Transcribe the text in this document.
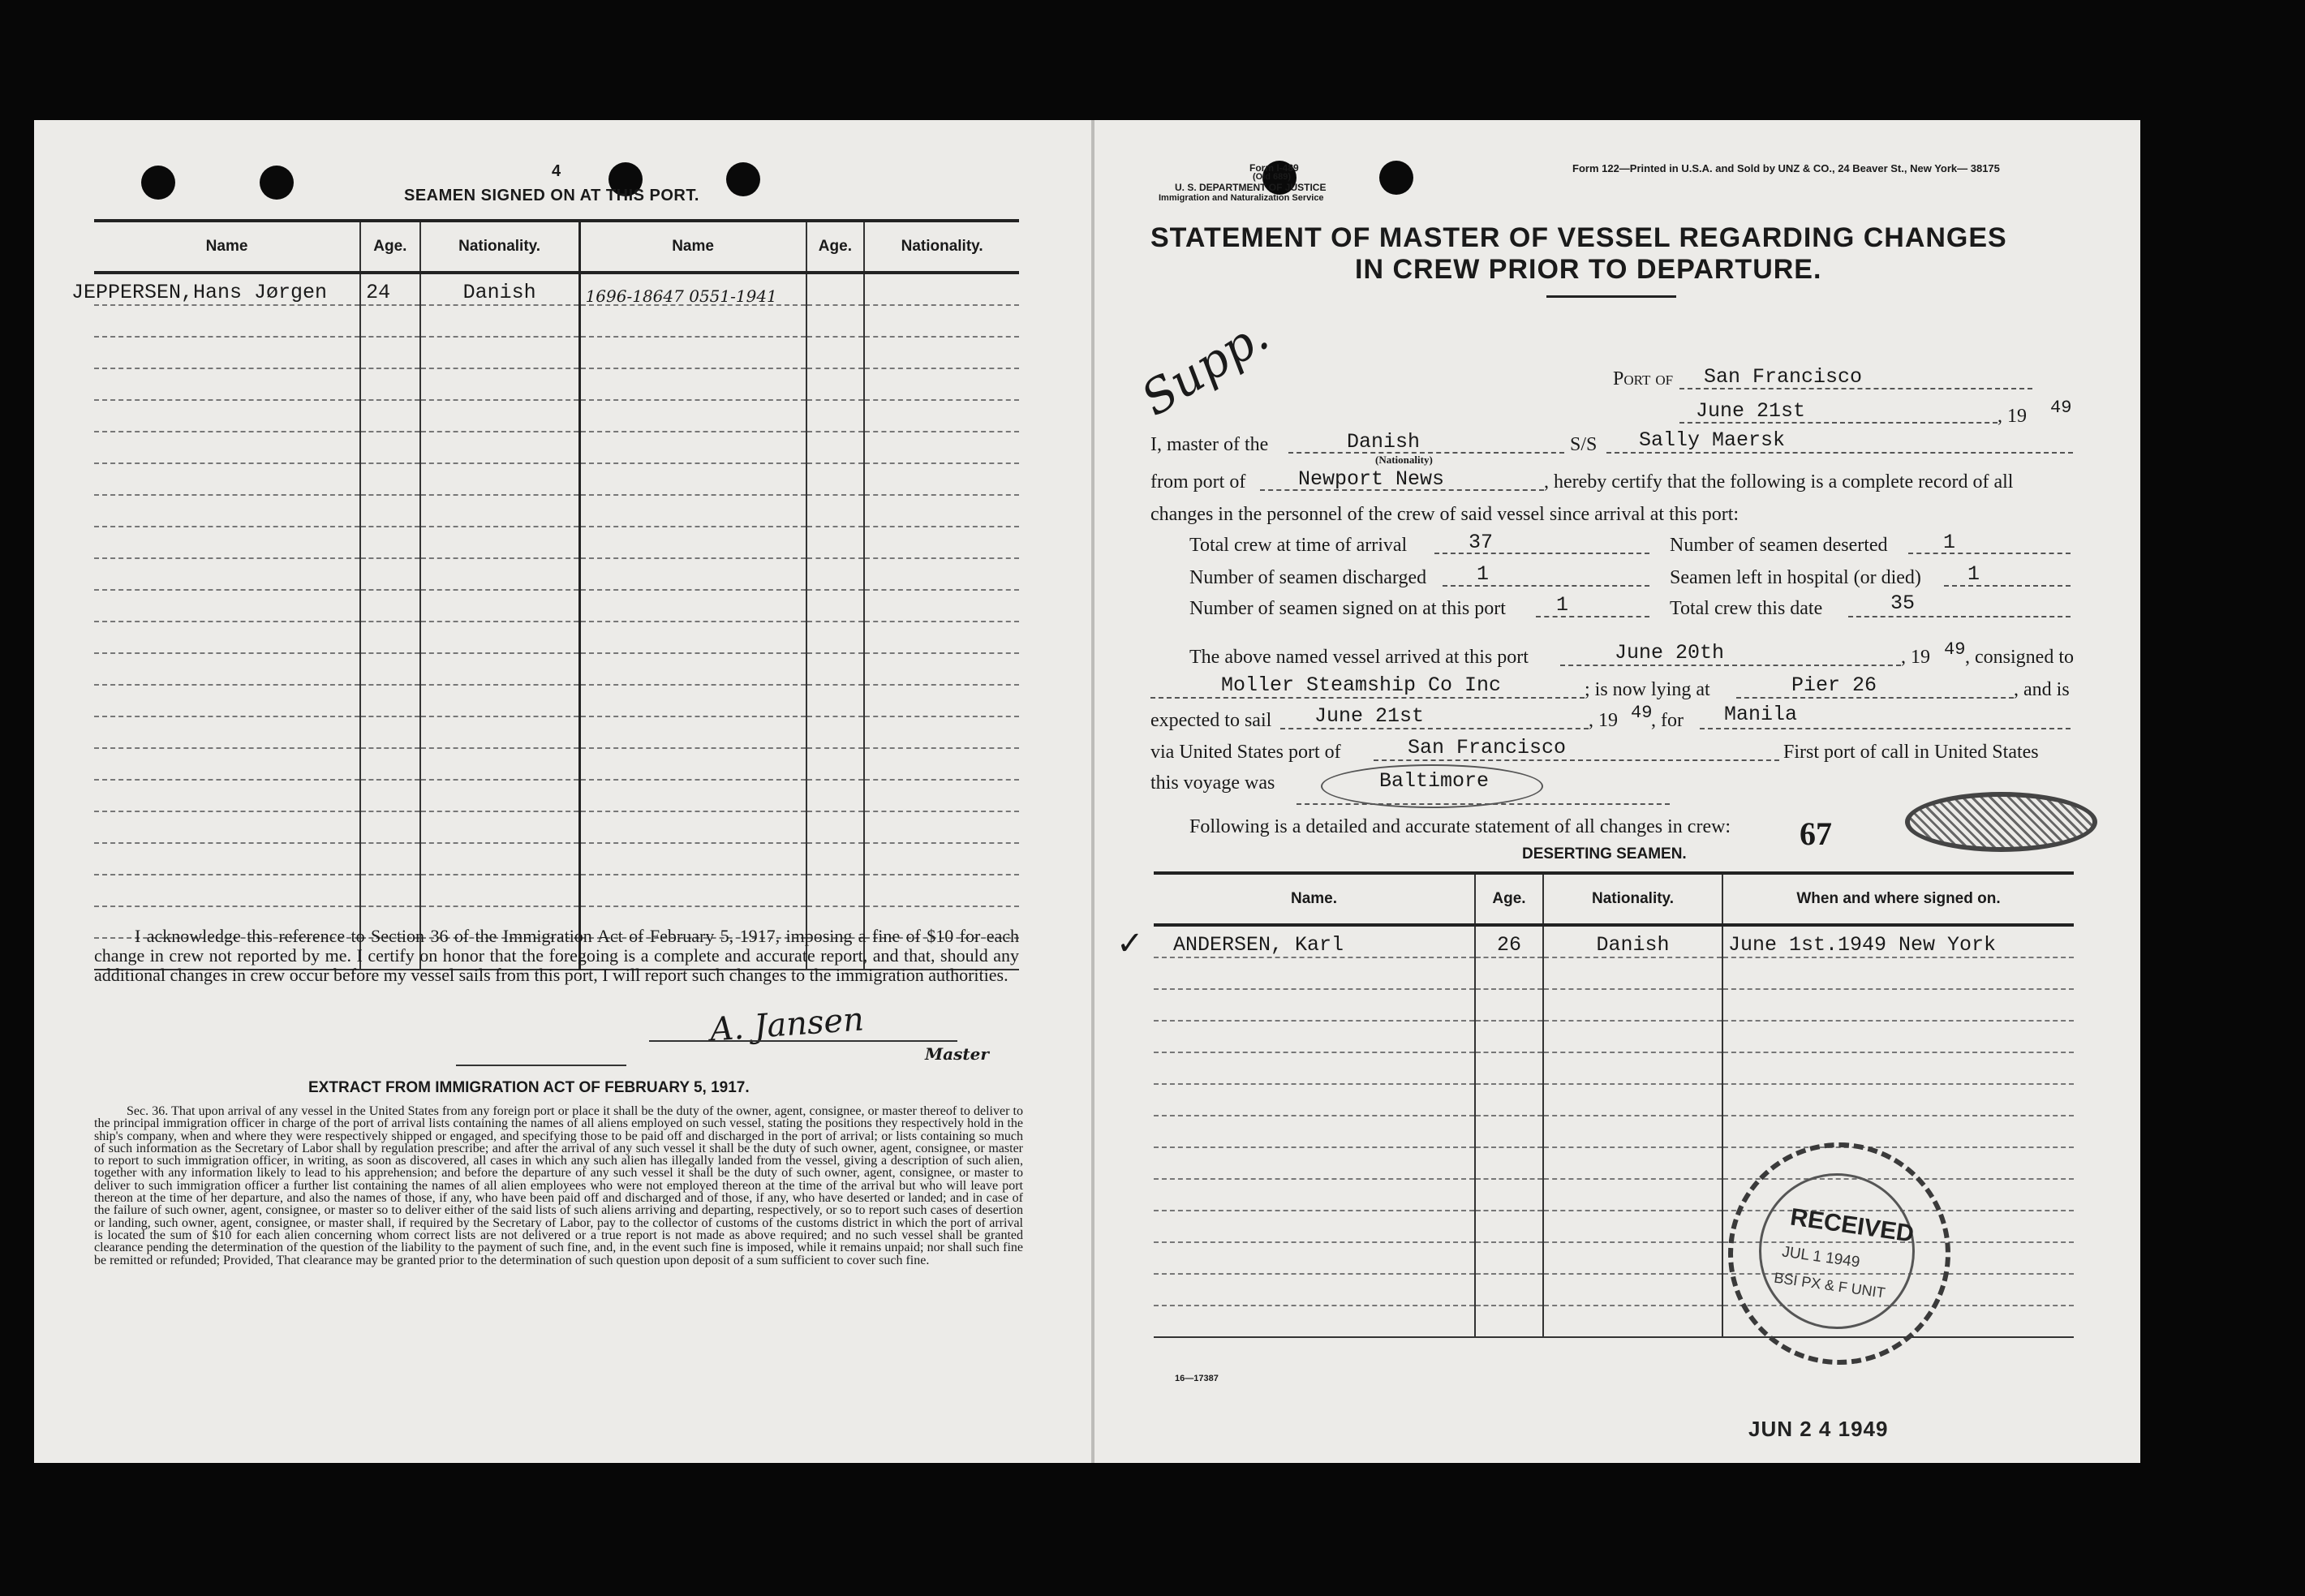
4
SEAMEN SIGNED ON AT THIS PORT.
Name	Age.	Nationality.	Name	Age.	Nationality.
JEPPERSEN,Hans Jørgen	24	Danish	1696-18647 0551-1941		

I acknowledge this reference to Section 36 of the Immigration Act of February 5, 1917, imposing a fine of $10 for each change in crew not reported by me. I certify on honor that the foregoing is a complete and accurate report, and that, should any additional changes in crew occur before my vessel sails from this port, I will report such changes to the immigration authorities.
A. Jansen
Master
EXTRACT FROM IMMIGRATION ACT OF FEBRUARY 5, 1917.
Sec. 36. That upon arrival of any vessel in the United States from any foreign port or place it shall be the duty of the owner, agent, consignee, or master thereof to deliver to the principal immigration officer in charge of the port of arrival lists containing the names of all aliens employed on such vessel, stating the positions they respectively hold in the ship's company, when and where they were respectively shipped or engaged, and specifying those to be paid off and discharged in the port of arrival; or lists containing so much of such information as the Secretary of Labor shall by regulation prescribe; and after the arrival of any such vessel it shall be the duty of such owner, agent, consignee, or master to report to such immigration officer, in writing, as soon as discovered, all cases in which any such alien has illegally landed from the vessel, giving a description of such alien, together with any information likely to lead to his apprehension; and before the departure of any such vessel it shall be the duty of such owner, agent, consignee, or master to deliver to such immigration officer a further list containing the names of all alien employees who were not employed thereon at the time of the arrival but who will leave port thereon at the time of her departure, and also the names of those, if any, who have been paid off and discharged and of those, if any, who have deserted or landed; and in case of the failure of such owner, agent, consignee, or master so to deliver either of the said lists of such aliens arriving and departing, respectively, or so to report such cases of desertion or landing, such owner, agent, consignee, or master shall, if required by the Secretary of Labor, pay to the collector of customs of the customs district in which the port of arrival is located the sum of $10 for each alien concerning whom correct lists are not delivered or a true report is not made as above required; and no such vessel shall be granted clearance pending the determination of the question of the liability to the payment of such fine, and, in the event such fine is imposed, while it remains unpaid; nor shall such fine be remitted or refunded; Provided, That clearance may be granted prior to the determination of such question upon deposit of a sum sufficient to cover such fine.
Form I-489
(Old 689)
U. S. DEPARTMENT OF JUSTICE
Immigration and Naturalization Service
Form 122—Printed in U.S.A. and Sold by UNZ & CO., 24 Beaver St., New York— 38175
STATEMENT OF MASTER OF VESSEL REGARDING CHANGES
IN CREW PRIOR TO DEPARTURE.
Supp.	Port of San Francisco
June 21st	, 19 49
I, master of the	Danish
(Nationality)
S/S Sally Maersk
from port of	Newport News	, hereby certify that the following is a complete record of all
changes in the personnel of the crew of said vessel since arrival at this port:
Total crew at time of arrival	37	Number of seamen deserted	1
Number of seamen discharged 1	Seamen left in hospital (or died) 1
Number of seamen signed on at this port 1	Total crew this date	35
The above named vessel arrived at this port	June 20th	, 19 49 , consigned to
Moller Steamship Co Inc	; is now lying at	Pier 26	, and is
expected to sail June 21st	, 19 49
, for Manila
via United States port of	San Francisco	First port of call in United States
this voyage was	Baltimore
Following is a detailed and accurate statement of all changes in crew: 67
DESERTING SEAMEN.
Name.	Age.	Nationality.	When and where signed on.
ANDERSEN, Karl	26	Danish	June 1st.1949 New York

✓
16—17387
RECEIVED
JUL 1 1949
BSI PX & F UNIT
JUN 2 4 1949
